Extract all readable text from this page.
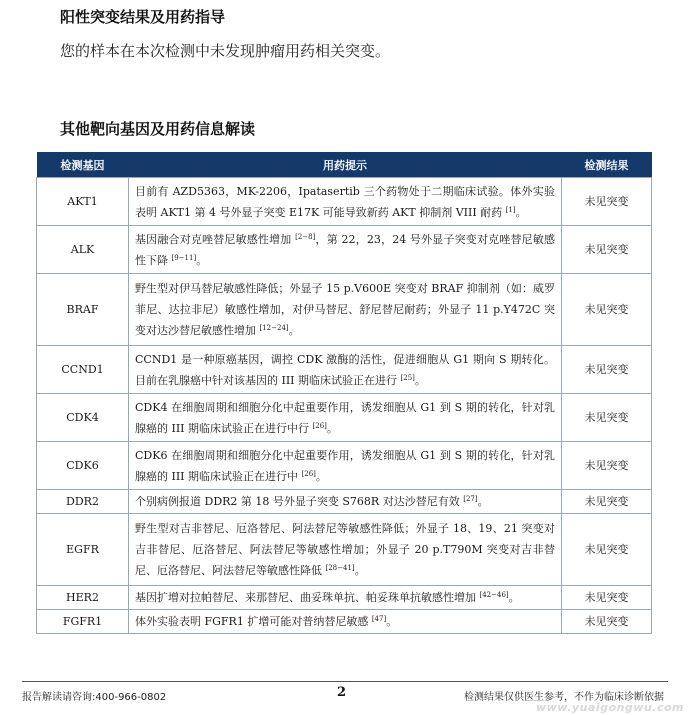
阳性突变结果及用药指导
您的样本在本次检测中未发现肿瘤用药相关突变。
其他靶向基因及用药信息解读
检测基因	用药提示	检测结果
AKT1	目前有 AZD5363，MK-2206，Ipatasertib 三个药物处于二期临床试验。体外实验表明 AKT1 第 4 号外显子突变 E17K 可能导致新药 AKT 抑制剂 VIII 耐药 [1]。	未见突变
ALK	基因融合对克唑替尼敏感性增加 [2−8]，第 22，23，24 号外显子突变对克唑替尼敏感性下降 [9−11]。	未见突变
BRAF	野生型对伊马替尼敏感性降低；外显子 15 p.V600E 突变对 BRAF 抑制剂（如：威罗菲尼、达拉非尼）敏感性增加，对伊马替尼、舒尼替尼耐药；外显子 11 p.Y472C 突变对达沙替尼敏感性增加 [12−24]。	未见突变
CCND1	CCND1 是一种原癌基因，调控 CDK 激酶的活性，促进细胞从 G1 期向 S 期转化。目前在乳腺癌中针对该基因的 III 期临床试验正在进行 [25]。	未见突变
CDK4	CDK4 在细胞周期和细胞分化中起重要作用，诱发细胞从 G1 到 S 期的转化，针对乳腺癌的 III 期临床试验正在进行中行 [26]。	未见突变
CDK6	CDK6 在细胞周期和细胞分化中起重要作用，诱发细胞从 G1 到 S 期的转化，针对乳腺癌的 III 期临床试验正在进行中 [26]。	未见突变
DDR2	个别病例报道 DDR2 第 18 号外显子突变 S768R 对达沙替尼有效 [27]。	未见突变
EGFR	野生型对吉非替尼、厄洛替尼、阿法替尼等敏感性降低；外显子 18、19、21 突变对吉非替尼、厄洛替尼、阿法替尼等敏感性增加；外显子 20 p.T790M 突变对吉非替尼、厄洛替尼、阿法替尼等敏感性降低 [28−41]。	未见突变
HER2	基因扩增对拉帕替尼、来那替尼、曲妥珠单抗、帕妥珠单抗敏感性增加 [42−46]。	未见突变
FGFR1	体外实验表明 FGFR1 扩增可能对普纳替尼敏感 [47]。	未见突变
报告解读请咨询:400-966-0802	2	检测结果仅供医生参考，不作为临床诊断依据
www.yuaigongwu.com
